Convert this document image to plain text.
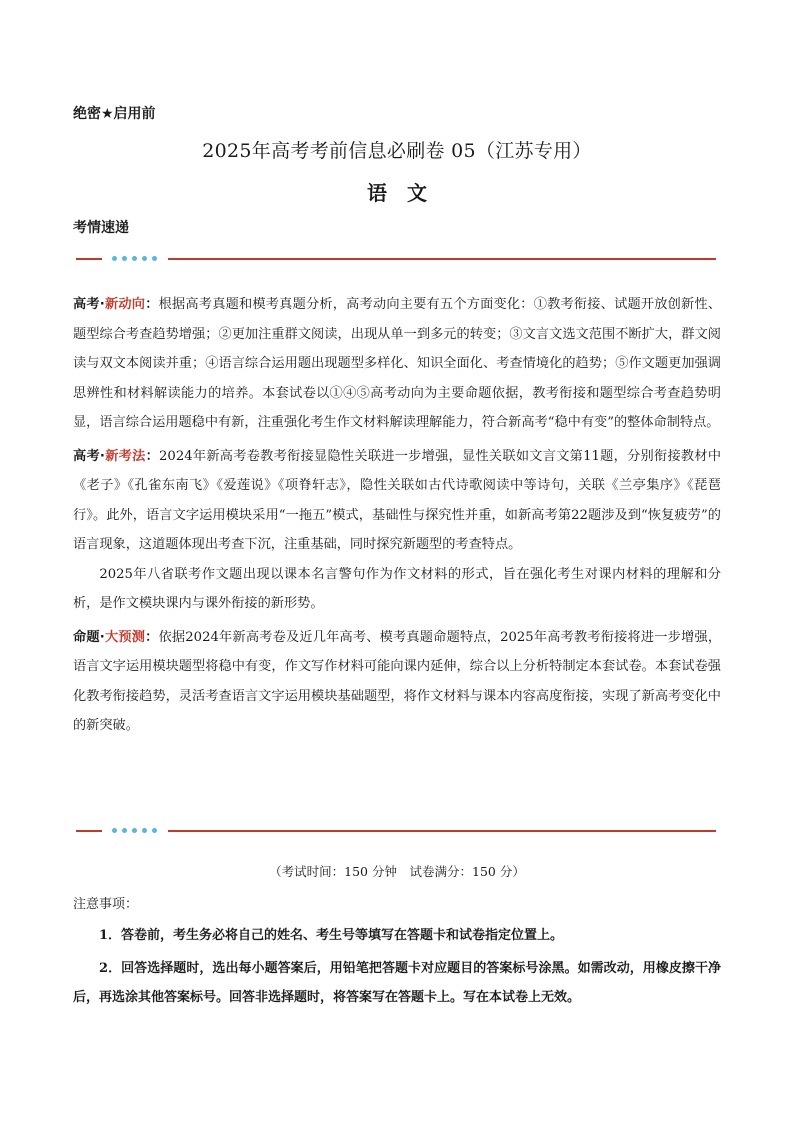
绝密★启用前
2025年高考考前信息必刷卷 05（江苏专用）
语　文
考情速递

高考·新动向：根据高考真题和模考真题分析，高考动向主要有五个方面变化：①教考衔接、试题开放创新性、题型综合考查趋势增强；②更加注重群文阅读，出现从单一到多元的转变；③文言文选文范围不断扩大，群文阅读与双文本阅读并重；④语言综合运用题出现题型多样化、知识全面化、考查情境化的趋势；⑤作文题更加强调思辨性和材料解读能力的培养。本套试卷以①④⑤高考动向为主要命题依据，教考衔接和题型综合考查趋势明显，语言综合运用题稳中有新，注重强化考生作文材料解读理解能力，符合新高考“稳中有变”的整体命制特点。

高考·新考法：2024年新高考卷教考衔接显隐性关联进一步增强，显性关联如文言文第11题，分别衔接教材中《老子》《孔雀东南飞》《爱莲说》《项脊轩志》，隐性关联如古代诗歌阅读中等诗句，关联《兰亭集序》《琵琶行》。此外，语言文字运用模块采用“一拖五”模式，基础性与探究性并重，如新高考第22题涉及到“恢复疲劳”的语言现象，这道题体现出考查下沉，注重基础，同时探究新题型的考查特点。

2025年八省联考作文题出现以课本名言警句作为作文材料的形式，旨在强化考生对课内材料的理解和分析，是作文模块课内与课外衔接的新形势。

命题·大预测：依据2024年新高考卷及近几年高考、模考真题命题特点，2025年高考教考衔接将进一步增强，语言文字运用模块题型将稳中有变，作文写作材料可能向课内延伸，综合以上分析特制定本套试卷。本套试卷强化教考衔接趋势，灵活考查语言文字运用模块基础题型，将作文材料与课本内容高度衔接，实现了新高考变化中的新突破。

（考试时间：150 分钟　试卷满分：150 分）
注意事项：

1．答卷前，考生务必将自己的姓名、考生号等填写在答题卡和试卷指定位置上。

2．回答选择题时，选出每小题答案后，用铅笔把答题卡对应题目的答案标号涂黑。如需改动，用橡皮擦干净后，再选涂其他答案标号。回答非选择题时，将答案写在答题卡上。写在本试卷上无效。
